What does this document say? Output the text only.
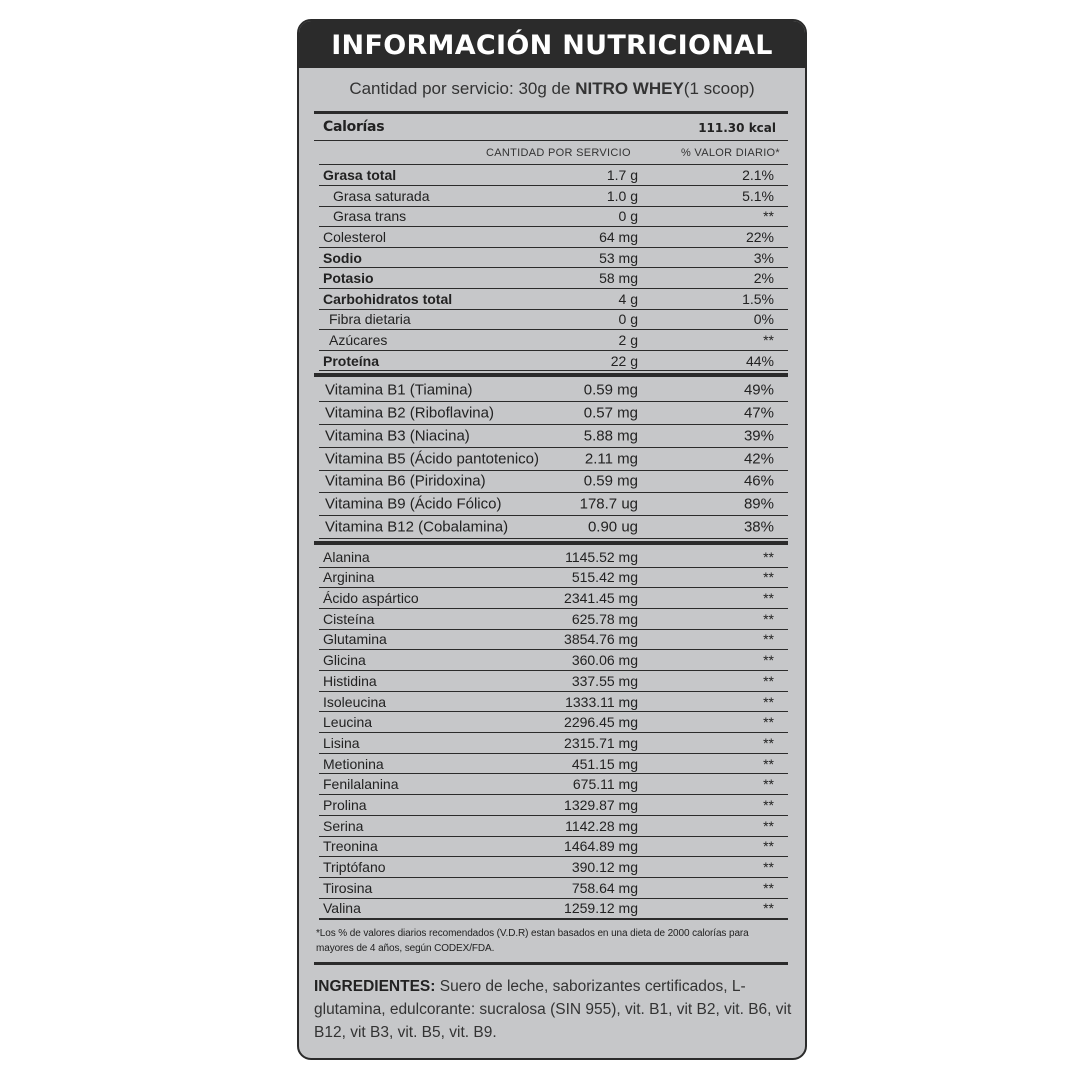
INFORMACIÓN NUTRICIONAL
Cantidad por servicio: 30g de NITRO WHEY(1 scoop)
Calorías	111.30 kcal
CANTIDAD POR SERVICIO	% VALOR DIARIO*
Grasa total	1.7 g	2.1%
Grasa saturada	1.0 g	5.1%
Grasa trans	0 g	**
Colesterol	64 mg	22%
Sodio	53 mg	3%
Potasio	58 mg	2%
Carbohidratos total	4 g	1.5%
Fibra dietaria	0 g	0%
Azúcares	2 g	**
Proteína	22 g	44%
Vitamina B1 (Tiamina)	0.59 mg	49%
Vitamina B2 (Riboflavina)	0.57 mg	47%
Vitamina B3 (Niacina)	5.88 mg	39%
Vitamina B5 (Ácido pantotenico)	2.11 mg	42%
Vitamina B6 (Piridoxina)	0.59 mg	46%
Vitamina B9 (Ácido Fólico)	178.7 ug	89%
Vitamina B12 (Cobalamina)	0.90 ug	38%
Alanina	1145.52 mg	**
Arginina	515.42 mg	**
Ácido aspártico	2341.45 mg	**
Cisteína	625.78 mg	**
Glutamina	3854.76 mg	**
Glicina	360.06 mg	**
Histidina	337.55 mg	**
Isoleucina	1333.11 mg	**
Leucina	2296.45 mg	**
Lisina	2315.71 mg	**
Metionina	451.15 mg	**
Fenilalanina	675.11 mg	**
Prolina	1329.87 mg	**
Serina	1142.28 mg	**
Treonina	1464.89 mg	**
Triptófano	390.12 mg	**
Tirosina	758.64 mg	**
Valina	1259.12 mg	**
*Los % de valores diarios recomendados (V.D.R) estan basados en una dieta de 2000 calorías para mayores de 4 años, según CODEX/FDA.
INGREDIENTES: Suero de leche, saborizantes certificados, L-glutamina, edulcorante: sucralosa (SIN 955), vit. B1, vit B2, vit. B6, vit B12, vit B3, vit. B5, vit. B9.
